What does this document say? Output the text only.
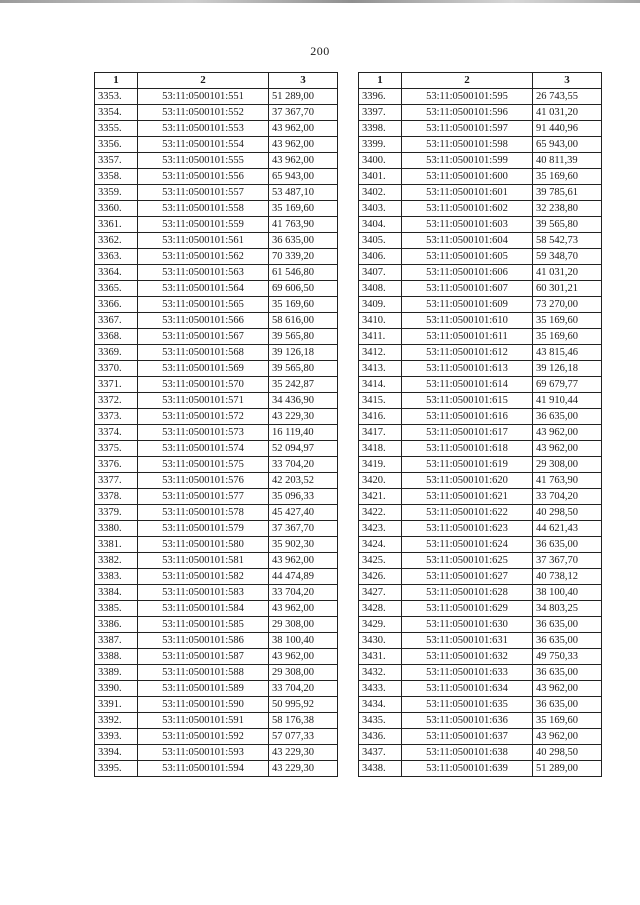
200
1	2	3
3353.	53:11:0500101:551	51 289,00
3354.	53:11:0500101:552	37 367,70
3355.	53:11:0500101:553	43 962,00
3356.	53:11:0500101:554	43 962,00
3357.	53:11:0500101:555	43 962,00
3358.	53:11:0500101:556	65 943,00
3359.	53:11:0500101:557	53 487,10
3360.	53:11:0500101:558	35 169,60
3361.	53:11:0500101:559	41 763,90
3362.	53:11:0500101:561	36 635,00
3363.	53:11:0500101:562	70 339,20
3364.	53:11:0500101:563	61 546,80
3365.	53:11:0500101:564	69 606,50
3366.	53:11:0500101:565	35 169,60
3367.	53:11:0500101:566	58 616,00
3368.	53:11:0500101:567	39 565,80
3369.	53:11:0500101:568	39 126,18
3370.	53:11:0500101:569	39 565,80
3371.	53:11:0500101:570	35 242,87
3372.	53:11:0500101:571	34 436,90
3373.	53:11:0500101:572	43 229,30
3374.	53:11:0500101:573	16 119,40
3375.	53:11:0500101:574	52 094,97
3376.	53:11:0500101:575	33 704,20
3377.	53:11:0500101:576	42 203,52
3378.	53:11:0500101:577	35 096,33
3379.	53:11:0500101:578	45 427,40
3380.	53:11:0500101:579	37 367,70
3381.	53:11:0500101:580	35 902,30
3382.	53:11:0500101:581	43 962,00
3383.	53:11:0500101:582	44 474,89
3384.	53:11:0500101:583	33 704,20
3385.	53:11:0500101:584	43 962,00
3386.	53:11:0500101:585	29 308,00
3387.	53:11:0500101:586	38 100,40
3388.	53:11:0500101:587	43 962,00
3389.	53:11:0500101:588	29 308,00
3390.	53:11:0500101:589	33 704,20
3391.	53:11:0500101:590	50 995,92
3392.	53:11:0500101:591	58 176,38
3393.	53:11:0500101:592	57 077,33
3394.	53:11:0500101:593	43 229,30
3395.	53:11:0500101:594	43 229,30
1	2	3
3396.	53:11:0500101:595	26 743,55
3397.	53:11:0500101:596	41 031,20
3398.	53:11:0500101:597	91 440,96
3399.	53:11:0500101:598	65 943,00
3400.	53:11:0500101:599	40 811,39
3401.	53:11:0500101:600	35 169,60
3402.	53:11:0500101:601	39 785,61
3403.	53:11:0500101:602	32 238,80
3404.	53:11:0500101:603	39 565,80
3405.	53:11:0500101:604	58 542,73
3406.	53:11:0500101:605	59 348,70
3407.	53:11:0500101:606	41 031,20
3408.	53:11:0500101:607	60 301,21
3409.	53:11:0500101:609	73 270,00
3410.	53:11:0500101:610	35 169,60
3411.	53:11:0500101:611	35 169,60
3412.	53:11:0500101:612	43 815,46
3413.	53:11:0500101:613	39 126,18
3414.	53:11:0500101:614	69 679,77
3415.	53:11:0500101:615	41 910,44
3416.	53:11:0500101:616	36 635,00
3417.	53:11:0500101:617	43 962,00
3418.	53:11:0500101:618	43 962,00
3419.	53:11:0500101:619	29 308,00
3420.	53:11:0500101:620	41 763,90
3421.	53:11:0500101:621	33 704,20
3422.	53:11:0500101:622	40 298,50
3423.	53:11:0500101:623	44 621,43
3424.	53:11:0500101:624	36 635,00
3425.	53:11:0500101:625	37 367,70
3426.	53:11:0500101:627	40 738,12
3427.	53:11:0500101:628	38 100,40
3428.	53:11:0500101:629	34 803,25
3429.	53:11:0500101:630	36 635,00
3430.	53:11:0500101:631	36 635,00
3431.	53:11:0500101:632	49 750,33
3432.	53:11:0500101:633	36 635,00
3433.	53:11:0500101:634	43 962,00
3434.	53:11:0500101:635	36 635,00
3435.	53:11:0500101:636	35 169,60
3436.	53:11:0500101:637	43 962,00
3437.	53:11:0500101:638	40 298,50
3438.	53:11:0500101:639	51 289,00
